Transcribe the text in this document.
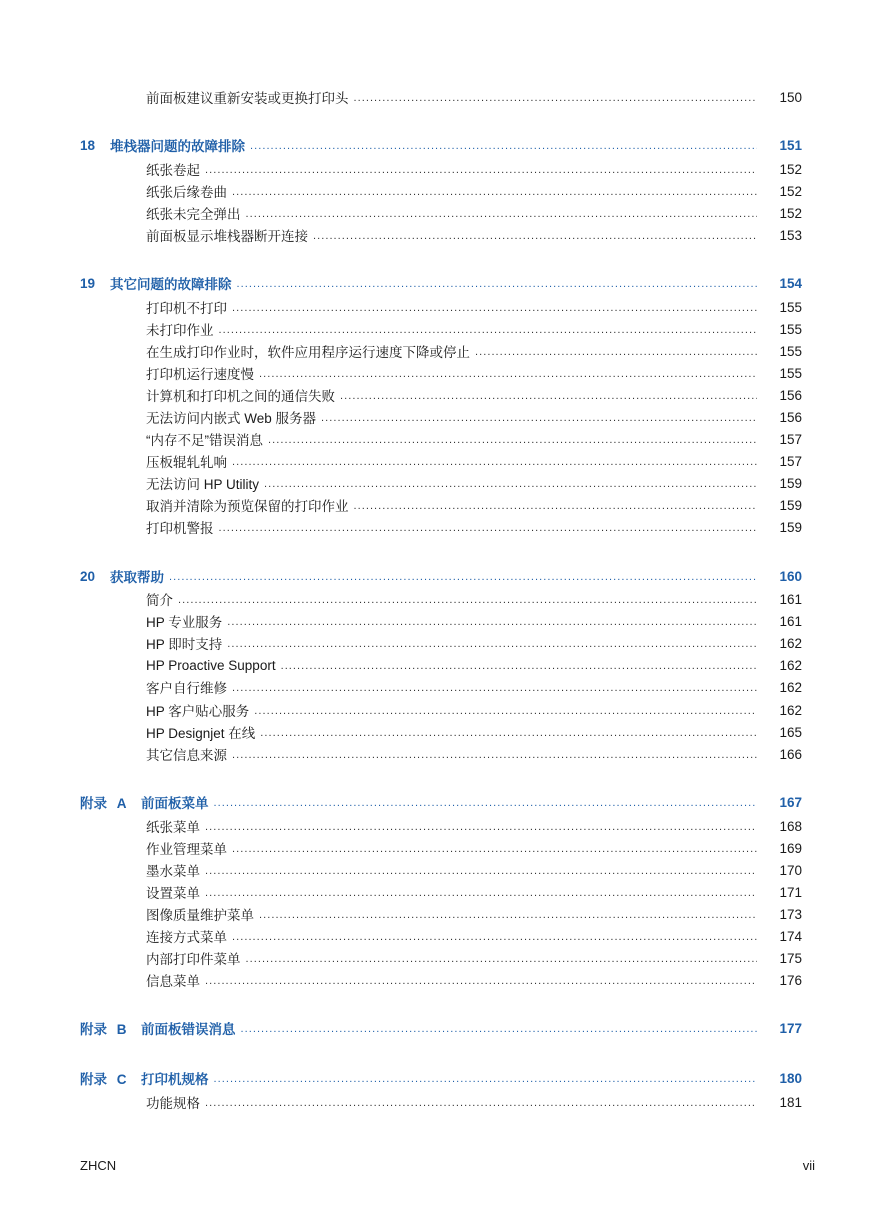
前面板建议重新安装或更换打印头 . . .	150
18 堆栈器问题的故障排除 . . .	151
纸张卷起 . . .	152
纸张后缘卷曲 . . .	152
纸张未完全弹出 . . .	152
前面板显示堆栈器断开连接 . . .	153
19 其它问题的故障排除 . . .	154
打印机不打印 . . .	155
未打印作业 . . .	155
在生成打印作业时，软件应用程序运行速度下降或停止 . . .	155
打印机运行速度慢 . . .	155
计算机和打印机之间的通信失败 . . .	156
无法访问内嵌式 Web 服务器 . . .	156
“内存不足”错误消息 . . .	157
压板辊轧轧响 . . .	157
无法访问 HP Utility . . .	159
取消并清除为预览保留的打印作业 . . .	159
打印机警报 . . .	159
20 获取帮助 . . .	160
简介 . . .	161
HP 专业服务 . . .	161
HP 即时支持 . . .	162
HP Proactive Support . . .	162
客户自行维修 . . .	162
HP 客户贴心服务 . . .	162
HP Designjet 在线 . . .	165
其它信息来源 . . .	166
附录 A 前面板菜单 . . .	167
纸张菜单 . . .	168
作业管理菜单 . . .	169
墨水菜单 . . .	170
设置菜单 . . .	171
图像质量维护菜单 . . .	173
连接方式菜单 . . .	174
内部打印件菜单 . . .	175
信息菜单 . . .	176
附录 B 前面板错误消息 . . .	177
附录 C 打印机规格 . . .	180
功能规格 . . .	181
ZHCN	vii
